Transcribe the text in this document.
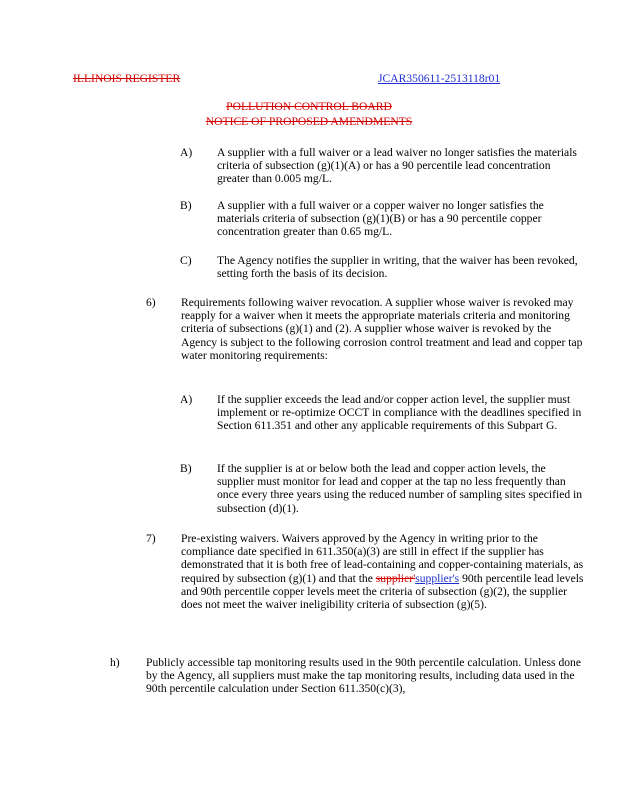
ILLINOIS REGISTER	JCAR350611-2513118r01
POLLUTION CONTROL BOARD
NOTICE OF PROPOSED AMENDMENTS
A) A supplier with a full waiver or a lead waiver no longer satisfies the materials criteria of subsection (g)(1)(A) or has a 90 percentile lead concentration greater than 0.005 mg/L.
B) A supplier with a full waiver or a copper waiver no longer satisfies the materials criteria of subsection (g)(1)(B) or has a 90 percentile copper concentration greater than 0.65 mg/L.
C) The Agency notifies the supplier in writing, that the waiver has been revoked, setting forth the basis of its decision.
6) Requirements following waiver revocation. A supplier whose waiver is revoked may reapply for a waiver when it meets the appropriate materials criteria and monitoring criteria of subsections (g)(1) and (2). A supplier whose waiver is revoked by the Agency is subject to the following corrosion control treatment and lead and copper tap water monitoring requirements:
A) If the supplier exceeds the lead and/or copper action level, the supplier must implement or re-optimize OCCT in compliance with the deadlines specified in Section 611.351 and other any applicable requirements of this Subpart G.
B) If the supplier is at or below both the lead and copper action levels, the supplier must monitor for lead and copper at the tap no less frequently than once every three years using the reduced number of sampling sites specified in subsection (d)(1).
7) Pre-existing waivers. Waivers approved by the Agency in writing prior to the compliance date specified in 611.350(a)(3) are still in effect if the supplier has demonstrated that it is both free of lead-containing and copper-containing materials, as required by subsection (g)(1) and that the supplier'supplier's 90th percentile lead levels and 90th percentile copper levels meet the criteria of subsection (g)(2), the supplier does not meet the waiver ineligibility criteria of subsection (g)(5).
h) Publicly accessible tap monitoring results used in the 90th percentile calculation. Unless done by the Agency, all suppliers must make the tap monitoring results, including data used in the 90th percentile calculation under Section 611.350(c)(3),
